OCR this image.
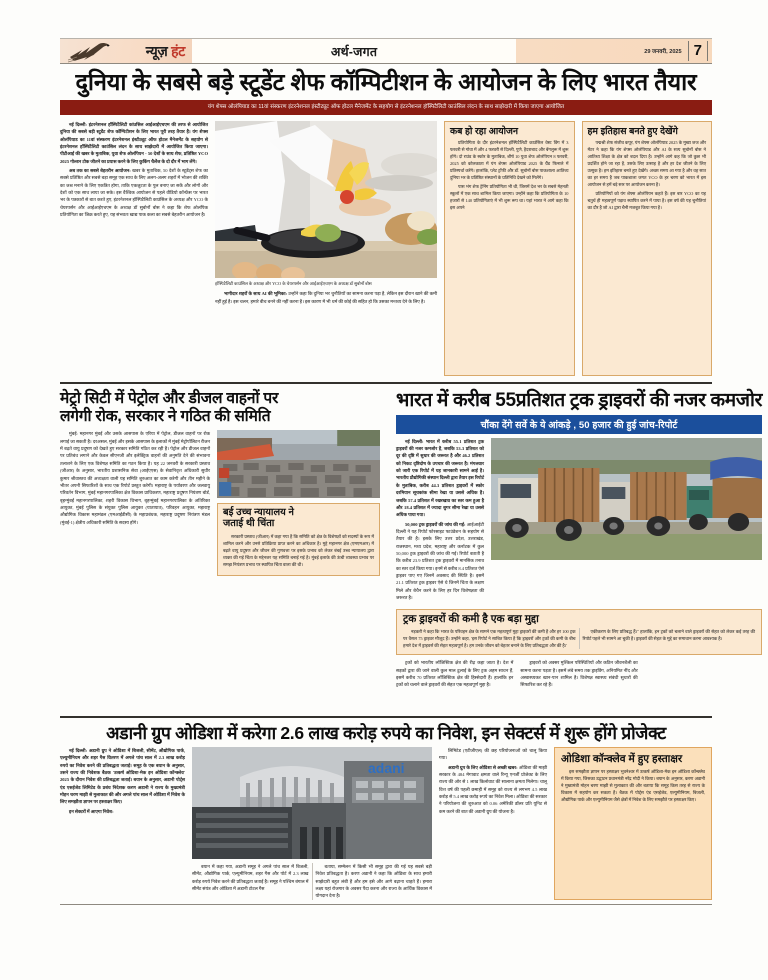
न्यूज़ हंट	अर्थ-जगत	29 जनवरी, 2025 7
दुनिया के सबसे बड़े स्टूडेंट शेफ कॉम्पिटीशन के आयोजन के लिए भारत तैयार
यंग शेफ्स ओलंपियाड का 11वां संस्करण इंटरनेशनल इंस्टीट्यूट ऑफ होटल मैनेजमेंट के सहयोग से इंटरनेशनल हॉस्पिटैलिटी काउंसिल लंदन के साथ साझेदारी में किया जाएगा आयोजित

नई दिल्ली: इंटरनेशनल हॉस्पिटैलिटी कांउसिल आईआईएचएम की तरफ से आयोजित दुनिया की सबसे बड़ी स्टूडेंट शेफ कॉम्पिटीशन के लिए भारत पूरी तरह तैयार है। यंग शेफ्स ओलंपियाड का 11वां संस्करण इंटरनेशनल इंस्टीट्यूट ऑफ होटल मैनेजमेंट के सहयोग से इंटरनेशनल हॉस्पिटैलिटी काउंसिल लंदन के साथ साझेदारी में आयोजित किया जाएगा। पीटीआई की खबर के मुताबिक, युवा शेफ ओलंपियन - 50 देशों के साथ शेफ, प्रतिष्ठित YCO 2025 गोल्डन टोक जीतने का प्रयास करने के लिए कुकिंग चैलेंज के दो दौर में भाग लेंगे।

अब तक का सबसे बेहतरीन आयोजन: खबर के मुताबिक, 50 देशों के स्टूडेंट्स शेफ का सबसे प्रतिष्ठित और सबसे बड़ा समूह एक साथ के लिए अलग-अलग शहरों में भोजन की शक्ति का जश्न मनाने के लिए एकत्रित होगा, ताकि एकजुटता के पुल बनाए जा सकें और लोगों और देशों को एक साथ लाया जा सके। इस वैश्विक आयोजन से पहले वीडियो कॉन्फ्रेंस पर भारत भर के पत्रकारों से बात करते हुए, इंटरनेशनल हॉस्पिटैलिटी काउंसिल के अध्यक्ष और YCO के चेयरपर्सन और आईआईएचएम के अध्यक्ष डॉ सुबोर्नो बोस ने कहा कि शेफ ओलंपिक प्रतियोगिता का जिक्र करते हुए, यह संभवतः खाद्य पाक कला का सबसे बेहतरीन आयोजन है।

हॉस्पिटैलिटी काउंसिल के अध्यक्ष और YCO के चेयरपर्सन और आईआईएचएम के अध्यक्ष डॉ सुबोर्नो बोस

भागीदार शहरों के साथ AI की भूमिका: उन्होंने कहा कि दुनिया भर चुनौतियों का सामना करना पड़ा है, लेकिन इस दौरान खाने की कमी नहीं हुई है। इस चलन, हमारे बीच बनने की नहीं करना है। इस कारण में भी धर्म की कोई की सहित हो कि उसका मन्तव्य देने के लिए है।

कब हो रहा आयोजन

प्रतियोगिता के दौर इंटरनेशनल हॉस्पिटैलिटी काउंसिल वेस्ट विंग में 3 फरवरी से गोवा में और 4 फरवरी से दिल्ली, पुणे, हैदराबाद और बेंगलुरू में शुरू होंगे। दो राउंड के स्कोर के मुताबिक, शीर्ष 10 युवा शेफ ओलंपियन 8 फरवरी, 2025 को कोलकाता में यंग शेफ्स ओलंपियाड 2025 के ग्रैंड फिनाले में प्रतिस्पर्धा करेंगे। हालांकि, प्लेट ट्रॉफी और डॉ. सुबोर्नो बोस पाकशाला आतिथ्य दुनिया भर के प्रतिष्ठित संस्थानों के प्रतिनिधि देखने को मिलेंगे।

पास भंग शेफ ट्रेनिंग प्रतियोगिता भी थी, जिसमें देश भर के सबसे मेहनती स्कूलों में एक साथ शामिल किया जाएगा। उन्होंने कहा कि प्रतियोगिता के 10 हजारों से 140 प्रतियोगिताएं में भी शुरू रूप था। यहां भारत ने आगे कहा कि इस अपने

हम इतिहास बनते हुए देखेंगे

पद्मश्री शेफ संजीव कपूर, यंग शेफ्स ओलंपियाड 2025 के मुख्य जज और मेंटर ने कहा कि यंग शेफ्स ओलंपियाड और AI के सत्य सुबोर्नो बोस ने आतिथ्य शिक्षा के क्षेत्र को बदल दिया है। उन्होंने आगे कह कि जो कुछ भी प्रदर्शित होने जा रहा है, उसके लिए उत्साह है और हर देश जीतने के लिए उत्सुक है। हम इतिहास बनते हुए देखेंगे। अच्छा समय आ गया है और वह सात का हर समय है जब पाकशाला जगत YCO के हर चरण को भारत में इस आयोजन से हमें बड़े स्तर पर आयोजन करना है।

प्रतियोगियों को यंग शेफ्स ओलंपियन कहते हैं। इस बार YCO का यह चतुर्थ ही महत्वपूर्ण पड़ाव स्थापित करने में पाया है। इस वर्ष की यह चुनौतियां का दौर है जो AI द्वारा चैनी मजबूत किया गया है।

मेट्रो सिटी में पेट्रोल और डीजल वाहनों पर
लगेगी रोक, सरकार ने गठित की समिति

मुंबई: महानगर मुंबई और उसके आसपास के एरिया में पेट्रोल, डीजल वाहनों पर रोक लगाई जा सकती है। दरअसल, मुंबई और इसके आसपास के इलाकों में मुंबई मेट्रोपॉलिटन रीजन में बढ़ते वायु प्रदूषण को देखते हुए सरकार समिति गठित कर रही है। पेट्रोल और डीजल वाहनों पर प्रतिबंध लगाने और केवल सीएनजी और इलेक्ट्रिक वाहनों की अनुमति देने की संभावना तलाशने के लिए एक विशेषज्ञ समिति का गठन किया है। यह 22 जनवरी के सरकारी प्रस्ताव (जीआर) के अनुसार, भारतीय प्रशासनिक सेवा (आईएएस) के सेवानिवृत्त अधिकारी सुधीर कुमार श्रीवास्तव की अध्यक्षता वाली यह समिति शुरुआत का काम करेगी और तीन महीने के भीतर अपनी सिफारिशों के साथ एक रिपोर्ट प्रस्तुत करेगी। महाराष्ट्र के पर्यावरण और जलवायु परिवर्तन विभाग, मुंबई महानगरपालिका क्षेत्र विकास प्राधिकरण, महाराष्ट्र प्रदूषण नियंत्रण बोर्ड, बृहन्मुंबई महानगरपालिका, शहरी विकास विभाग, बृहन्मुंबई महानगरपालिका के अतिरिक्त आयुक्त, मुंबई पुलिस के संयुक्त पुलिस आयुक्त (यातायात), परिवहन आयुक्त, महाराष्ट्र औद्योगिक विकास महामंडल (एमआईडीसी) के महाप्रबंधक, महाराष्ट्र प्रदूषण नियंत्रण मंडल (मुंबई-1) क्षेत्रीय अधिकारी समिति के सदस्य होंगे।

बई उच्च न्यायालय ने
जताई थी चिंता

सरकारी प्रस्ताव (जीआर) में कहा गया है कि समिति को क्षेत्र के विशेषज्ञों को सदस्यों के रूप में शामिल करने और उनसे प्रतिक्रिया प्राप्त करने का अधिकार है। मुद्दे महानगर क्षेत्र (एमएमआर) में बढ़ते वायु प्रदूषण और जीवन की गुणवत्ता पर इसके प्रभाव को लेकर बंबई उच्च न्यायालय द्वारा व्यक्त की गई चिंता के मद्देनजर यह समिति बनाई गई है। मुंबई इलाके की ऊंची व्यवस्था प्रभाव पर समझ नियंत्रण प्रभाव पर स्थापित चिंता वाला की थी।

भारत में करीब 55प्रतिशत ट्रक ड्राइवरों की नजर कमजोर
चौंका देंगे सर्वे के ये आंकड़े , 50 हजार की हुई जांच-रिपोर्ट

नई दिल्ली: भारत में करीब 55.1 प्रतिशत ट्रक ड्राइवरों की नजर कमजोर है, जबकि 53.3 प्रतिशत को दूर की दृष्टि में सुधार की जरूरत है और 46.2 प्रतिशत को निकट दृष्टिदोष के उपचार की जरूरत है। मंगलवार को जारी एक रिपोर्ट में यह जानकारी सामने आई है। भारतीय प्रौद्योगिकी संस्थान दिल्ली द्वारा तैयार इस रिपोर्ट के मुताबिक, करीब 44.3 प्रतिशत ड्राइवरों में स्कोर दरमियान सूचकांक सीमा रेखा या उससे अधिक है। जबकि 57.4 प्रतिशत में रखरखाव का स्तर कम हुआ है और 18.4 प्रतिशत में ज्यादा शुगर सीमा रेखा या उससे अधिक पाया गया।

50,000 ट्रक ड्राइवरों की जांच की गई: आईआईटी दिल्ली ने यह रिपोर्ट फोरसाइट फाउंडेशन के सहयोग से तैयार की है। इसके लिए उत्तर प्रदेश, उत्तराखंड, राजस्थान, मध्य प्रदेश, महाराष्ट्र और कर्नाटक में कुल 50,000 ट्रक ड्राइवरों की जांच की गई। रिपोर्ट बताती है कि करीब 23.9 प्रतिशत ट्रक ड्राइवरों में मानसिक तनाव का स्तर दर्ज किया गया। इनमें से करीब 8.4 प्रतिशत ऐसे ड्राइवर पाए गए जिनमें अवसाद की स्थिति है। इसमें 21.1 प्रतिशत ट्रक ड्राइवर ऐसे थे जिनमें चिंता के लक्षण मिले और बेचैन करने के लिए हर दिन विशेषज्ञता की जरूरत है।

ट्रक ड्राइवरों की कमी है एक बड़ा मुद्दा

नड़करी ने कहा कि भारत के परिवहन क्षेत्र के सामने एक महत्वपूर्ण मुद्दा ड्राइवरों की कमी है और हर 100 ट्रक पर वैसल 75 ड्राइवर मौजूद हैं। उन्होंने कहा, 'इस रिपोर्ट ने साबित किया है कि ड्राइवरों और ट्रकों की कमी के बीच हमारे देश में ड्राइवर्स की सेहत महत्वपूर्ण है। हम उनके जीवन को बेहतर बनाने के लिए प्रतिबद्धता और की है।'

एकीकरण के लिए प्रतिबद्ध हैं।'' हालांकि, इन ट्रकों को चलाने वाले ड्राइवरों की सेहत को लेकर कई तरह की रिपोर्ट पहले भी सामने आ चुकी है। ड्राइवरों की सेहत के मुद्दे का समाधान करना आवश्यक है।

ट्रकों को भारतीय लॉजिस्टिक क्षेत्र की रीढ़ कहा जाता है। देश में सड़कों द्वारा की जाने वाली कुल माल ढुलाई के लिए ट्रक अहम साधन हैं, इसमें करीब 70 प्रतिशत लॉजिस्टिक क्षेत्र की हिस्सेदारी हैं। हालांकि इन ट्रकों को चलाने वाले ड्राइवरों की सेहत एक महत्वपूर्ण मुद्दा है।

ड्राइवरों को अक्सर मुश्किल परिस्थितियों और कठिन जीवनशैली का सामना करना पड़ता है। इसमें लंबे समय तक ड्राइविंग, अनियमित नींद और अस्वास्थ्यकर खान-पान शामिल है। विशेषज्ञ स्वास्थ्य संबंधी सुधारों की सिफारिश कर रहे हैं।

अडानी ग्रुप ओडिशा में करेगा 2.6 लाख करोड़ रुपये का निवेश, इन सेक्टर्स में शुरू होंगे प्रोजेक्ट

नई दिल्ली: अडानी ग्रुप ने ओडिशा में बिजली, सीमेंट, औद्योगिक पार्क, एल्युमीनियम और शहर गैस वितरण में अगले पांच साल में 2.3 लाख करोड़ रुपये का निवेश करने की प्रतिबद्धता जताई। समूह के एक बयान के अनुसार, उसने राज्य की निवेशक बैठक 'उत्कर्ष ओडिशा-मेक इन ओडिशा कॉन्क्लेव' 2025 के दौरान निवेश की प्रतिबद्धता जताई। बयान के अनुसार, अडानी पोर्ट्स एंड एसईजेड लिमिटेड के प्रबंध निदेशक करण अडानी ने राज्य के मुख्यमंत्री मोहन चरण माझी से मुलाकात की और अगले पांच साल में ओडिशा में निवेश के लिए समझौता ज्ञापन पर हस्ताक्षर किए।

इन सेक्टरों में आएगा निवेश:

adani

बयान में कहा गया, अडानी समूह ने अगले पांच साल में बिजली, सीमेंट, औद्योगिक पार्क, एल्युमीनियम, शहर गैस और पोर्ट में 2.3 लाख करोड़ रुपये निवेश करने की प्रतिबद्धता जताई है। समूह ने पश्चिम बंगाल में सीमेंट संयंत्र और ओडिशा में अडानी टोटल गैस

बताया, सम्मेलन में किसी भी समूह द्वारा की गई यह सबसे बड़ी निवेश प्रतिबद्धता है। करण अडानी ने कहा कि ओडिशा के साथ हमारी साझेदारी बहुत लंबी है और हम इसे और आगे बढ़ाना चाहते हैं। हमारा लक्ष्य यहां रोजगार के अवसर पैदा करना और राज्य के आर्थिक विकास में योगदान देना है।

लिमिटेड (एटीजीएल) की छह परियोजनाओं को चालू किया गया।

अडानी ग्रुप के लिए ओडिशा से अच्छी खबर: ओडिशा की माझी सरकार के 484 मेगावाट क्षमता वाले रिन्यू एनर्जी प्रोजेक्ट के लिए राज्य की ओर से 1 लाख किलोवाट की सालाना क्षमता मिलेगा। चालू वित्त वर्ष की पहली छमाही में समूह को राज्य से लगभग 4.5 लाख करोड़ से 5.4 लाख करोड़ रुपये का निवेश मिला। ओडिशा की सरकार ने परियोजना की शुरुआत को 0.06 अमेरिकी डॉलर प्रति यूनिट से कम करने की बात की अडानी ग्रुप की योजना है।

ओडिशा कॉन्क्लेव में हुए हस्ताक्षर

इस समझौता ज्ञापन पर हस्ताक्षर भुवनेश्वर में उत्कर्ष ओडिशा-मेक इन ओडिशा कॉन्क्लेव में किया गया, जिसका उद्घाटन प्रधानमंत्री नरेंद्र मोदी ने किया। बयान के अनुसार, करण अडानी ने मुख्यमंत्री मोहन चरण माझी से मुलाकात की और बताया कि समूह किस तरह से राज्य के विकास में सहयोग कर सकता है। बैठक में पोर्ट्स एंड एसईजेड, एल्युमीनियम, बिजली, औद्योगिक पार्क और एल्युमीनियम जैसे क्षेत्रों में निवेश के लिए समझौते पर हस्ताक्षर किए।
